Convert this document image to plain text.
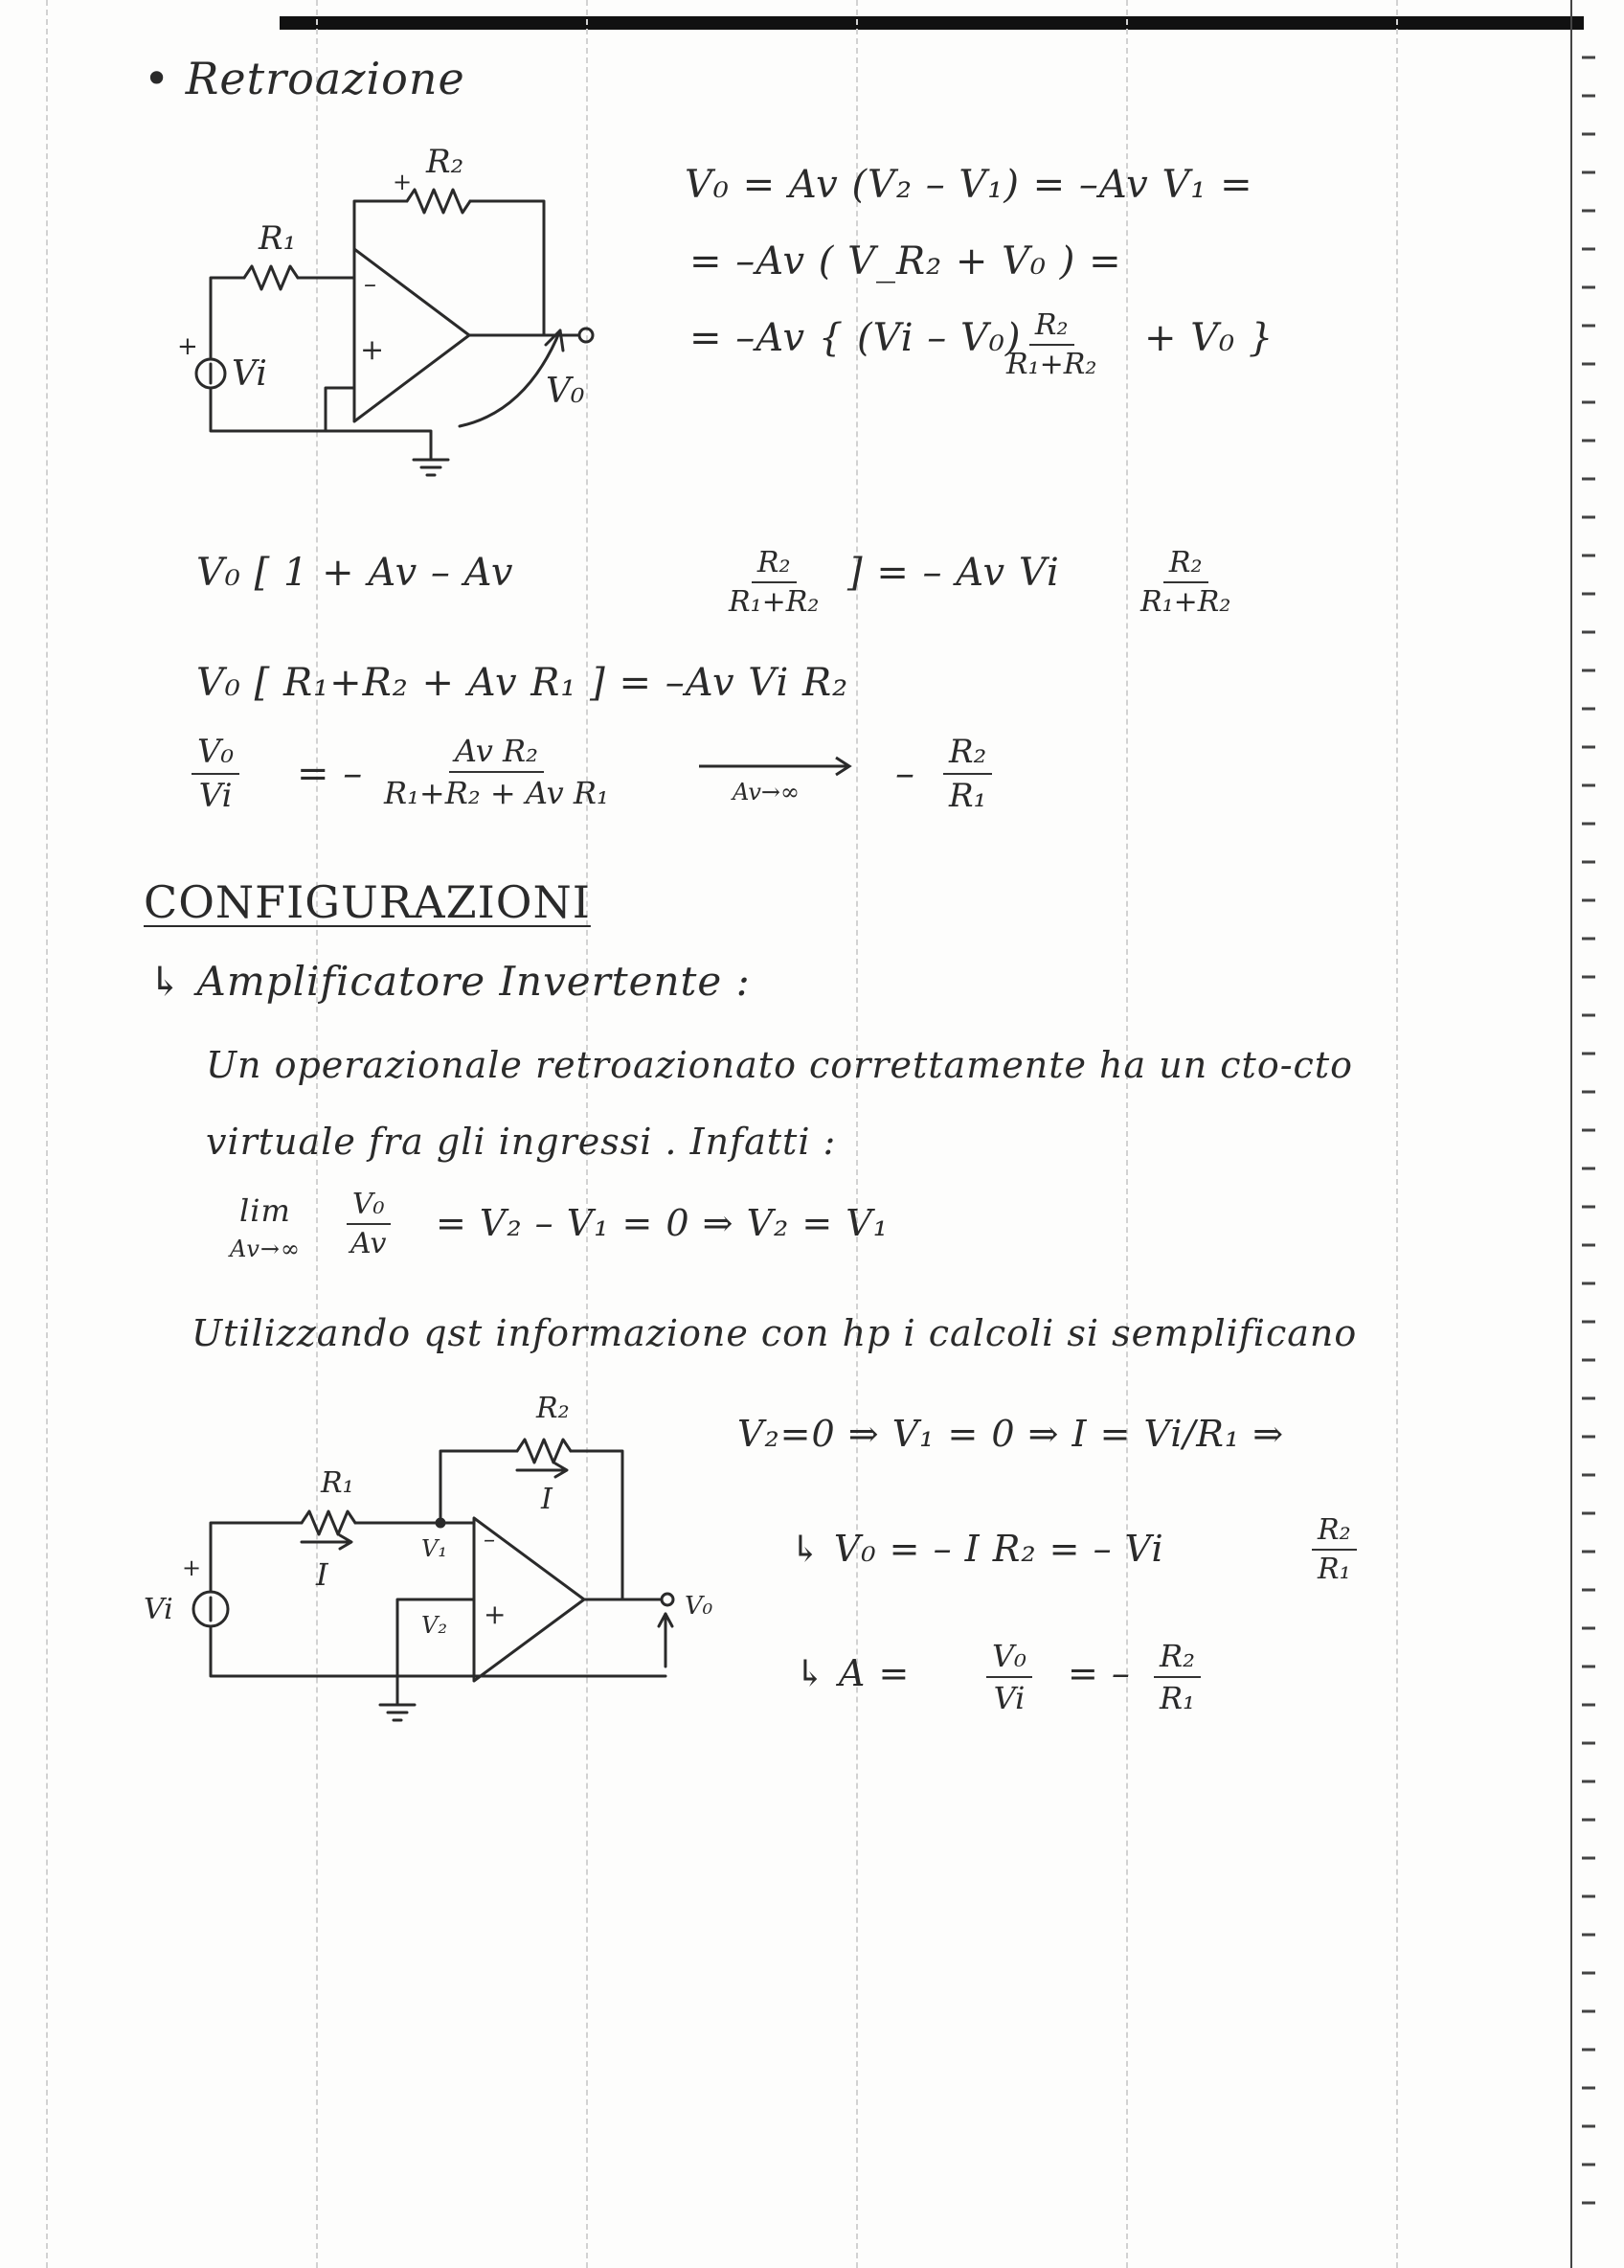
• Retroazione
–
+
+
R₂
R₁
+
Vi	V₀
V₀ = Av (V₂ – V₁) = –Av V₁ =
= –Av ( V_R₂ + V₀ ) =
= –Av { (Vi – V₀)
$\frac{\text{R₂}}{\text{R₁+R₂}} + V_0$ }
V₀ [ 1 + Av – Av	$\frac{\text{R₂}}{\text{R₁+R₂}}$ ] = – Av Vi	$\frac{\text{R₂}}{\text{R₁+R₂}}$
V₀ [ R₁+R₂ + Av R₁ ] = –Av Vi R₂
$\frac{\text{V₀}}{Vi}$ = – $\frac{\text{Av R₂}}{\text{R₁+R₂ + Av R₁}}$	$Av\to\infty - \frac{\text{R₂}}{\text{R₁}}$
CONFIGURAZIONI
↳ Amplificatore Invertente :
Un operazionale retroazionato correttamente ha un cto-cto
virtuale fra gli ingressi . Infatti :
lim
$Av\to\infty \frac{\text{V₀}}{Av} = V_2 - V_1 = 0$ ⇒ V₂ = V₁
Utilizzando qst informazione con hp i calcoli si semplificano
R₁
R₂
I
I
V₁
V₂
–
+
+
Vi	V₀
V₂=0 ⇒ V₁ = 0 ⇒ I = Vi/R₁ ⇒
↳ V₀ = – I R₂ = – Vi	$\frac{\text{R₂}}{\text{R₁}}$
↳ $A = \frac{\text{V₀}}{Vi}$ = – $\frac{\text{R₂}}{\text{R₁}}$
